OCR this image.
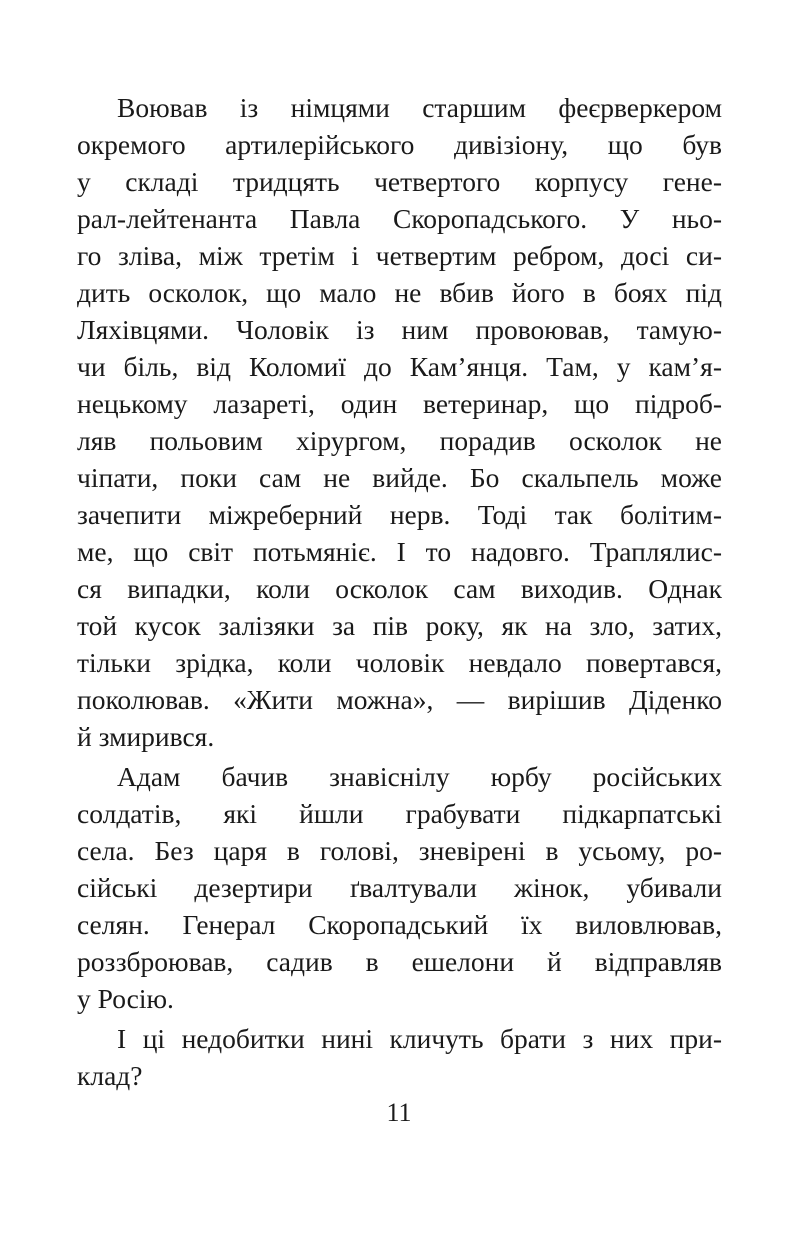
Воював із німцями старшим феєрверкером
окремого артилерійського дивізіону, що був
у складі тридцять четвертого корпусу гене-
рал-лейтенанта Павла Скоропадського. У ньо-
го зліва, між третім і четвертим ребром, досі си-
дить осколок, що мало не вбив його в боях під
Ляхівцями. Чоловік із ним провоював, тамую-
чи біль, від Коломиї до Кам’янця. Там, у кам’я-
нецькому лазареті, один ветеринар, що підроб-
ляв польовим хірургом, порадив осколок не
чіпати, поки сам не вийде. Бо скальпель може
зачепити міжреберний нерв. Тоді так болітим-
ме, що світ потьмяніє. І то надовго. Траплялис-
ся випадки, коли осколок сам виходив. Однак
той кусок залізяки за пів року, як на зло, затих,
тільки зрідка, коли чоловік невдало повертався,
поколював. «Жити можна», — вирішив Діденко
й змирився.
Адам бачив знавіснілу юрбу російських
солдатів, які йшли грабувати підкарпатські
села. Без царя в голові, зневірені в усьому, ро-
сійські дезертири ґвалтували жінок, убивали
селян. Генерал Скоропадський їх виловлював,
роззброював, садив в ешелони й відправляв
у Росію.
І ці недобитки нині кличуть брати з них при-
клад?
11
